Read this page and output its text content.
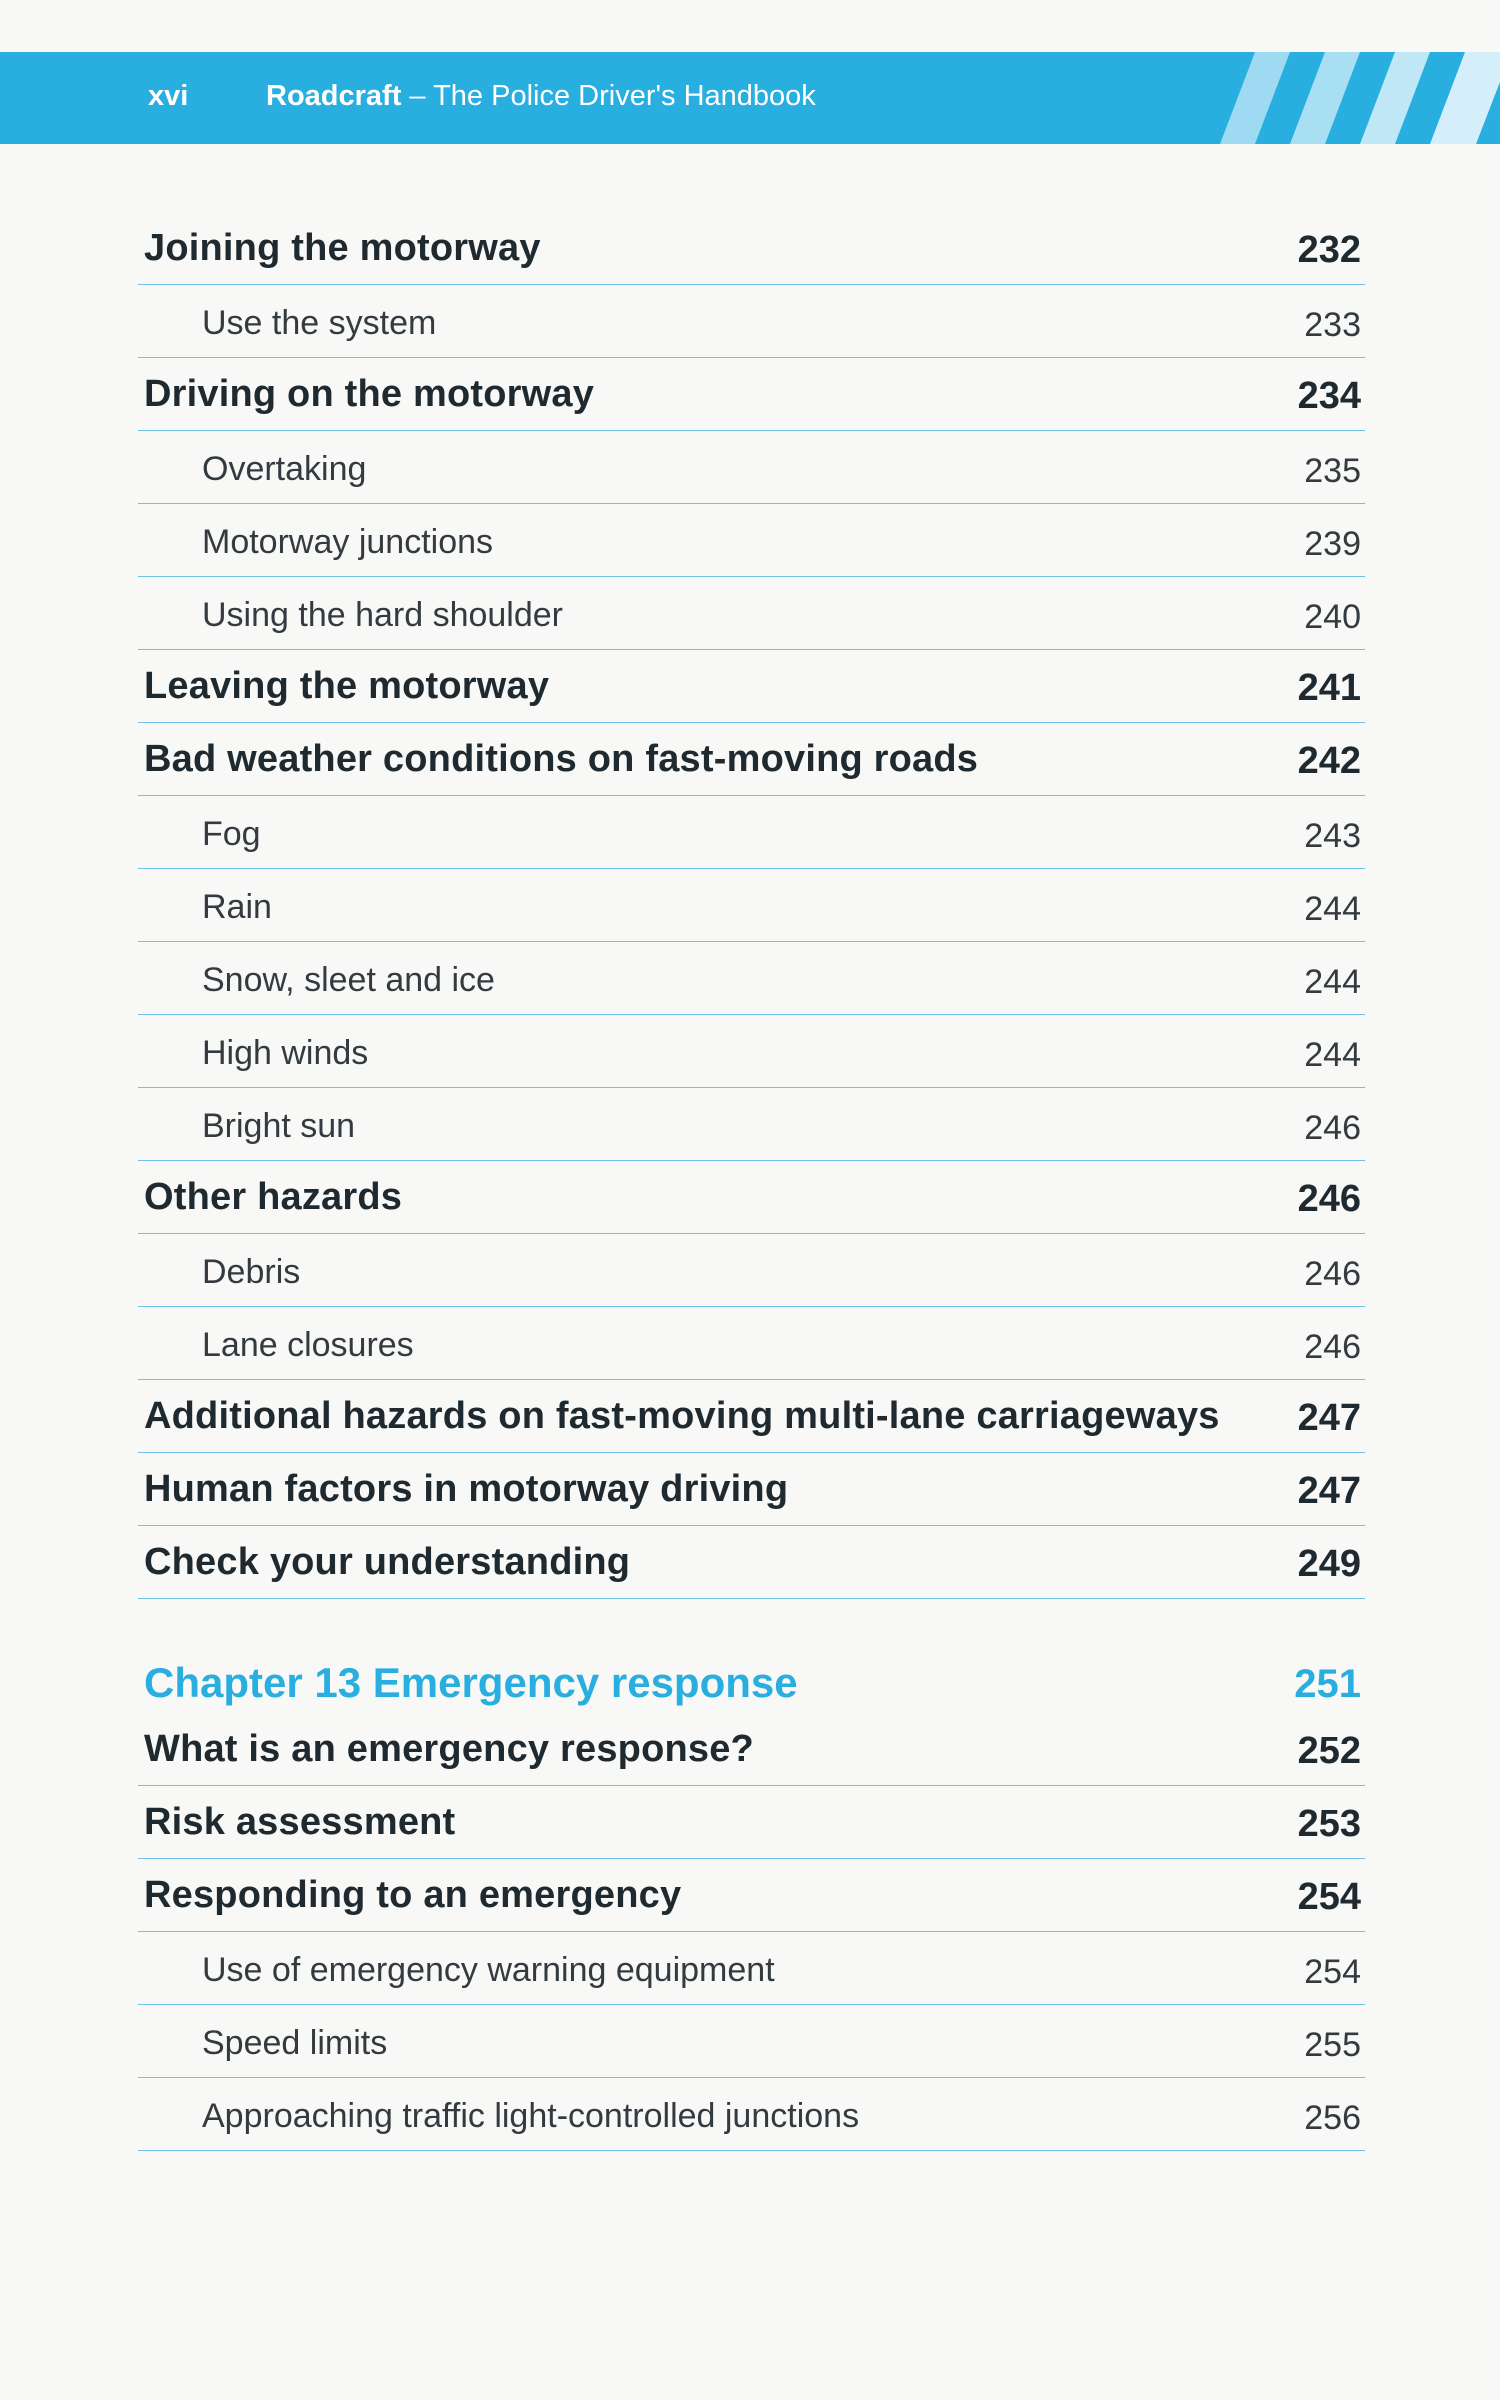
xvi	Roadcraft – The Police Driver's Handbook
Joining the motorway	232
Use the system	233
Driving on the motorway	234
Overtaking	235
Motorway junctions	239
Using the hard shoulder	240
Leaving the motorway	241
Bad weather conditions on fast-moving roads	242
Fog	243
Rain	244
Snow, sleet and ice	244
High winds	244
Bright sun	246
Other hazards	246
Debris	246
Lane closures	246
Additional hazards on fast-moving multi-lane carriageways 247
Human factors in motorway driving	247
Check your understanding	249
Chapter 13 Emergency response	251
What is an emergency response?	252
Risk assessment	253
Responding to an emergency	254
Use of emergency warning equipment	254
Speed limits	255
Approaching traffic light-controlled junctions	256
